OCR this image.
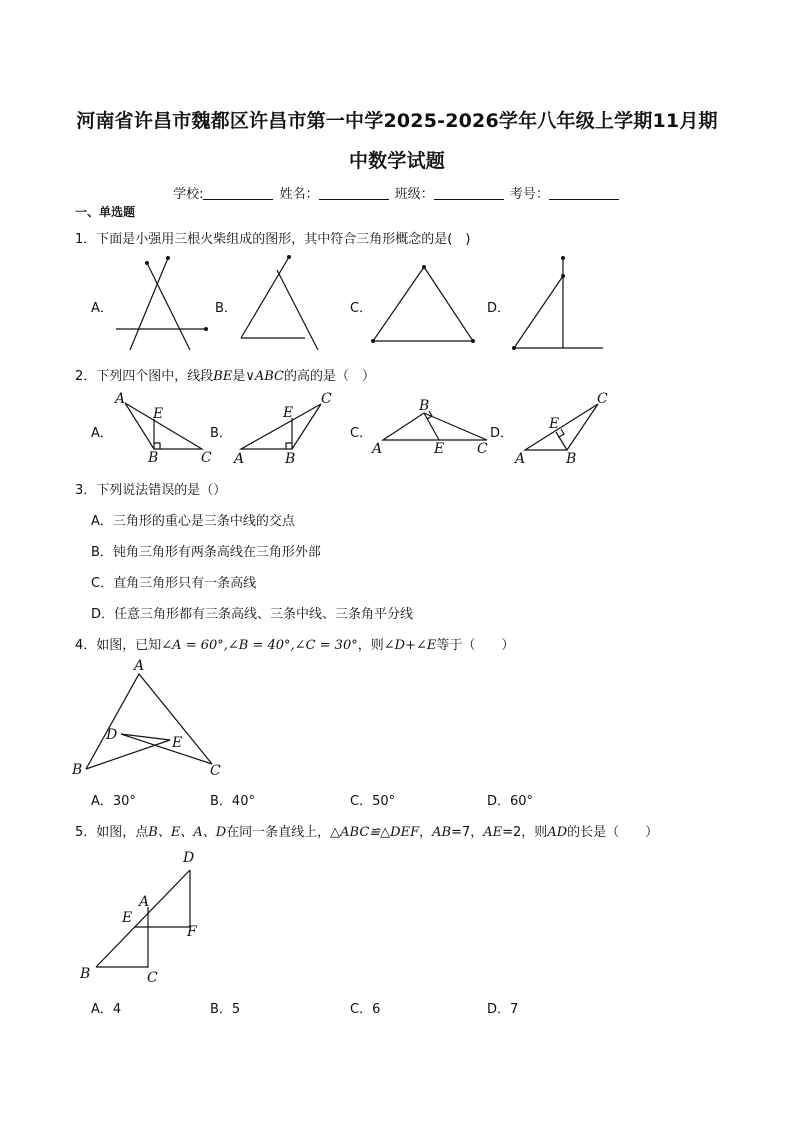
河南省许昌市魏都区许昌市第一中学2025-2026学年八年级上学期11月期
中数学试题
学校:	姓名：	班级：	考号：
一、单选题
1．下面是小强用三根火柴组成的图形，其中符合三角形概念的是(　)
A．	B．	C．	D．
2．下列四个图中，线段BE是∨ABC的高的是（　）
A．	B．	C．	D．
A
E
B	C A	B
E
C	B
A	E C
E
C
A	B
3．下列说法错误的是（）
A．三角形的重心是三条中线的交点
B．钝角三角形有两条高线在三角形外部
C．直角三角形只有一条高线
D．任意三角形都有三条高线、三条中线、三条角平分线
4．如图，已知∠A = 60°,∠B = 40°,∠C = 30°，则∠D+∠E等于（　　）
A
D	E
B	C
A．30°	B．40°	C．50°	D．60°
5．如图，点B、E、A、D在同一条直线上，△ABC≌△DEF，AB=7，AE=2，则AD的长是（　　）
D
A
E
F
B	C
A．4	B．5	C．6	D．7
